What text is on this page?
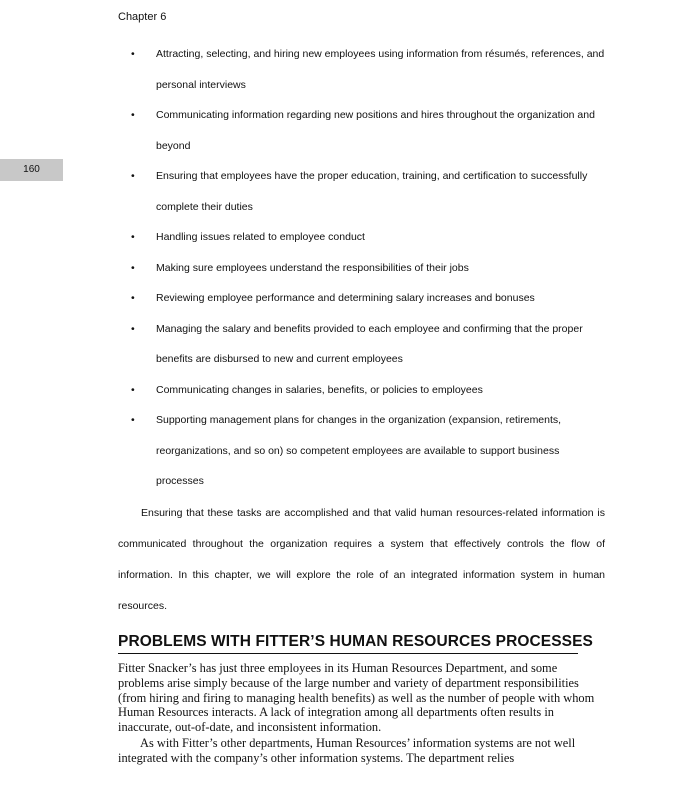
Chapter 6
160
• Attracting, selecting, and hiring new employees using information from résumés, references, and personal interviews
• Communicating information regarding new positions and hires throughout the organization and beyond
• Ensuring that employees have the proper education, training, and certification to successfully complete their duties
• Handling issues related to employee conduct
• Making sure employees understand the responsibilities of their jobs
• Reviewing employee performance and determining salary increases and bonuses
• Managing the salary and benefits provided to each employee and confirming that the proper benefits are disbursed to new and current employees
• Communicating changes in salaries, benefits, or policies to employees
• Supporting management plans for changes in the organization (expansion, retirements, reorganizations, and so on) so competent employees are available to support business processes

Ensuring that these tasks are accomplished and that valid human resources-related information is communicated throughout the organization requires a system that effectively controls the flow of information. In this chapter, we will explore the role of an integrated information system in human resources.

PROBLEMS WITH FITTER’S HUMAN RESOURCES PROCESSES

Fitter Snacker’s has just three employees in its Human Resources Department, and some problems arise simply because of the large number and variety of department responsibilities (from hiring and firing to managing health benefits) as well as the number of people with whom Human Resources interacts. A lack of integration among all departments often results in inaccurate, out-of-date, and inconsistent information.

As with Fitter’s other departments, Human Resources’ information systems are not well integrated with the company’s other information systems. The department relies
